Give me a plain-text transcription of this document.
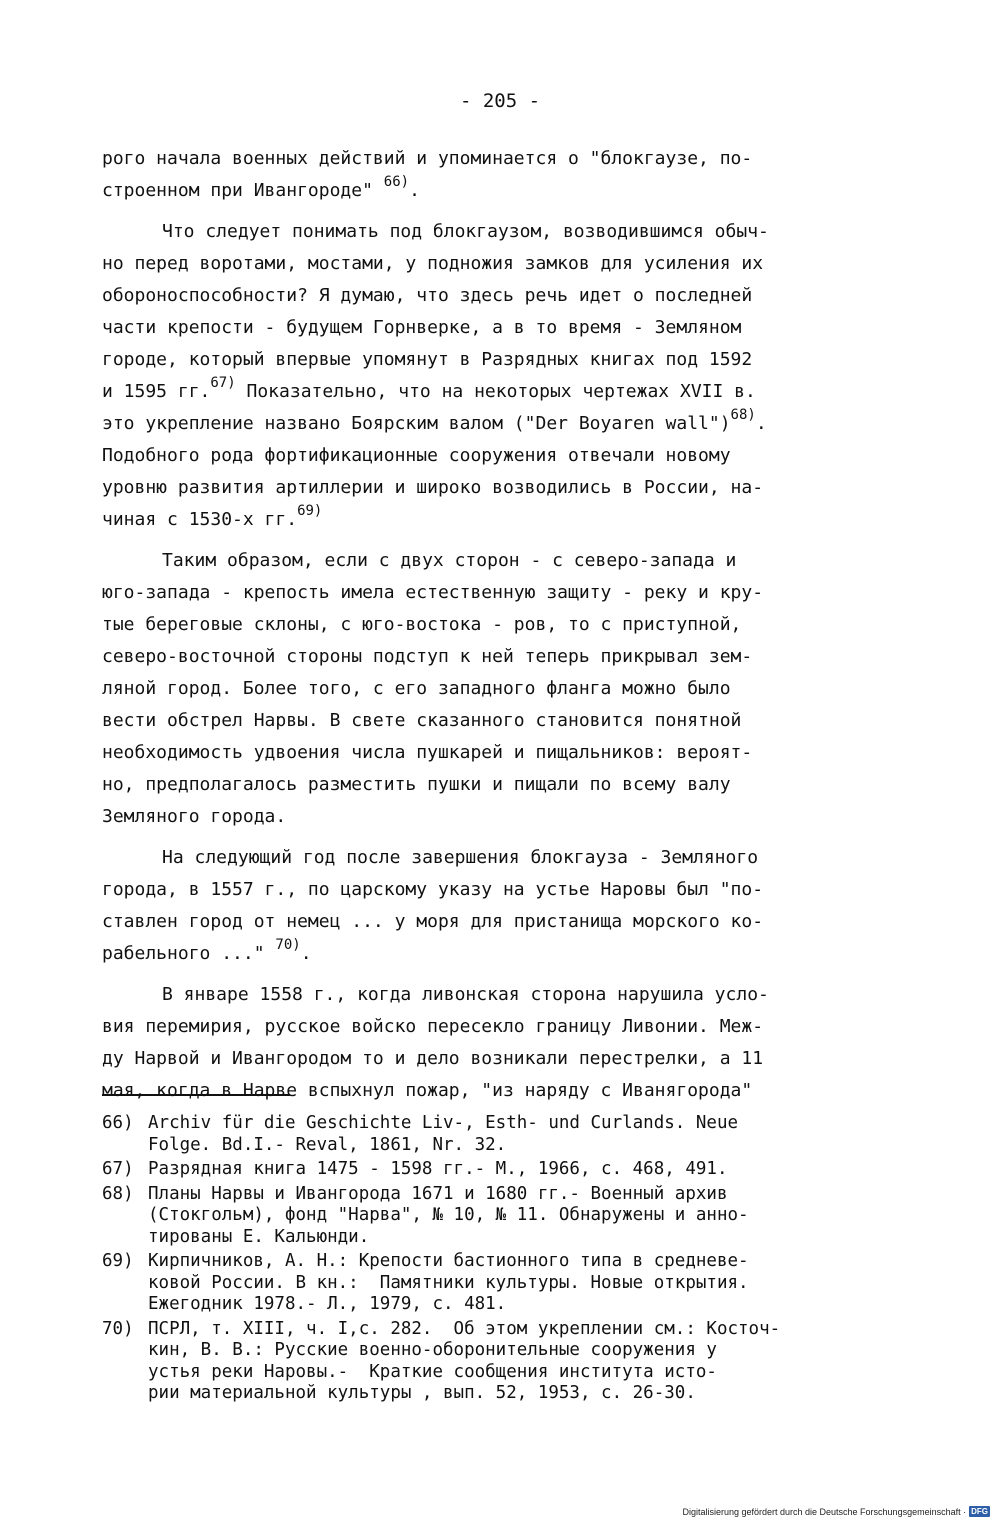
- 205 -
рого начала военных действий и упоминается о "блокгаузе, по-
строенном при Ивангороде" $^{66)}$.
Что следует понимать под блокгаузом, возводившимся обыч-
но перед воротами, мостами, у подножия замков для усиления их
обороноспособности? Я думаю, что здесь речь идет о последней
части крепости - будущем Горнверке, а в то время - Земляном
городе, который впервые упомянут в Разрядных книгах под 1592
и 1595 гг.$^{67)}$ Показательно, что на некоторых чертежах XVII в.
это укрепление названо Боярским валом ("Der Boyaren wall")$^{68)}$.
Подобного рода фортификационные сооружения отвечали новому
уровню развития артиллерии и широко возводились в России, на-
чиная с 1530-х гг.$^{69)}$
Таким образом, если с двух сторон - с северо-запада и
юго-запада - крепость имела естественную защиту - реку и кру-
тые береговые склоны, с юго-востока - ров, то с приступной,
северо-восточной стороны подступ к ней теперь прикрывал зем-
ляной город. Более того, с его западного фланга можно было
вести обстрел Нарвы. В свете сказанного становится понятной
необходимость удвоения числа пушкарей и пищальников: вероят-
но, предполагалось разместить пушки и пищали по всему валу
Земляного города.
На следующий год после завершения блокгауза - Земляного
города, в 1557 г., по царскому указу на устье Наровы был "по-
ставлен город от немец ... у моря для пристанища морского ко-
рабельного ..." $^{70)}$.
В январе 1558 г., когда ливонская сторона нарушила усло-
вия перемирия, русское войско пересекло границу Ливонии. Меж-
ду Нарвой и Ивангородом то и дело возникали перестрелки, а 11
мая, когда в Нарве вспыхнул пожар, "из наряду с Иванягорода"
66) Archiv für die Geschichte Liv-, Esth- und Curlands. Neue
Folge. Bd.I.- Reval, 1861, Nr. 32.
67) Разрядная книга 1475 - 1598 гг.- М., 1966, с. 468, 491.
68) Планы Нарвы и Ивангорода 1671 и 1680 гг.- Военный архив
(Стокгольм), фонд "Нарва", № 10, № 11. Обнаружены и анно-
тированы Е. Кальюнди.
69) Кирпичников, А. Н.: Крепости бастионного типа в средневе-
ковой России. В кн.:  Памятники культуры. Новые открытия.
Ежегодник 1978.- Л., 1979, с. 481.
70) ПСРЛ, т. XIII, ч. I,с. 282.  Об этом укреплении см.: Косточ-
кин, В. В.: Русские военно-оборонительные сооружения у
устья реки Наровы.-  Краткие сообщения института исто-
рии материальной культуры , вып. 52, 1953, с. 26-30.
Digitalisierung gefördert durch die Deutsche Forschungsgemeinschaft · DFG
